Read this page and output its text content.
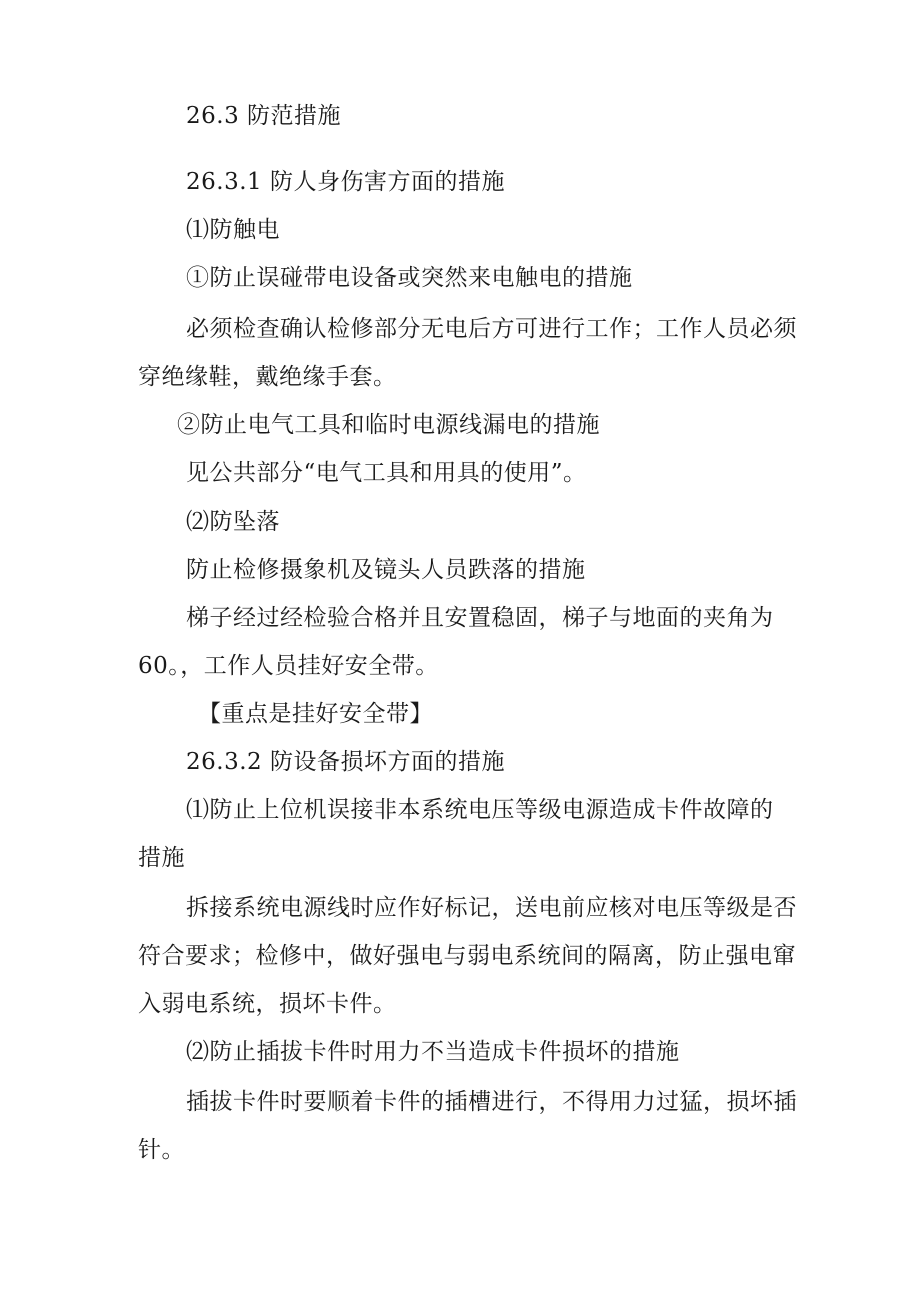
26.3 防范措施
26.3.1 防人身伤害方面的措施
⑴防触电
①防止误碰带电设备或突然来电触电的措施
必须检查确认检修部分无电后方可进行工作；工作人员必须
穿绝缘鞋，戴绝缘手套。
②防止电气工具和临时电源线漏电的措施
见公共部分“电气工具和用具的使用”。
⑵防坠落
防止检修摄象机及镜头人员跌落的措施
梯子经过经检验合格并且安置稳固，梯子与地面的夹角为
60。，工作人员挂好安全带。
【重点是挂好安全带】
26.3.2 防设备损坏方面的措施
⑴防止上位机误接非本系统电压等级电源造成卡件故障的
措施
拆接系统电源线时应作好标记，送电前应核对电压等级是否
符合要求；检修中，做好强电与弱电系统间的隔离，防止强电窜
入弱电系统，损坏卡件。
⑵防止插拔卡件时用力不当造成卡件损坏的措施
插拔卡件时要顺着卡件的插槽进行，不得用力过猛，损坏插
针。
